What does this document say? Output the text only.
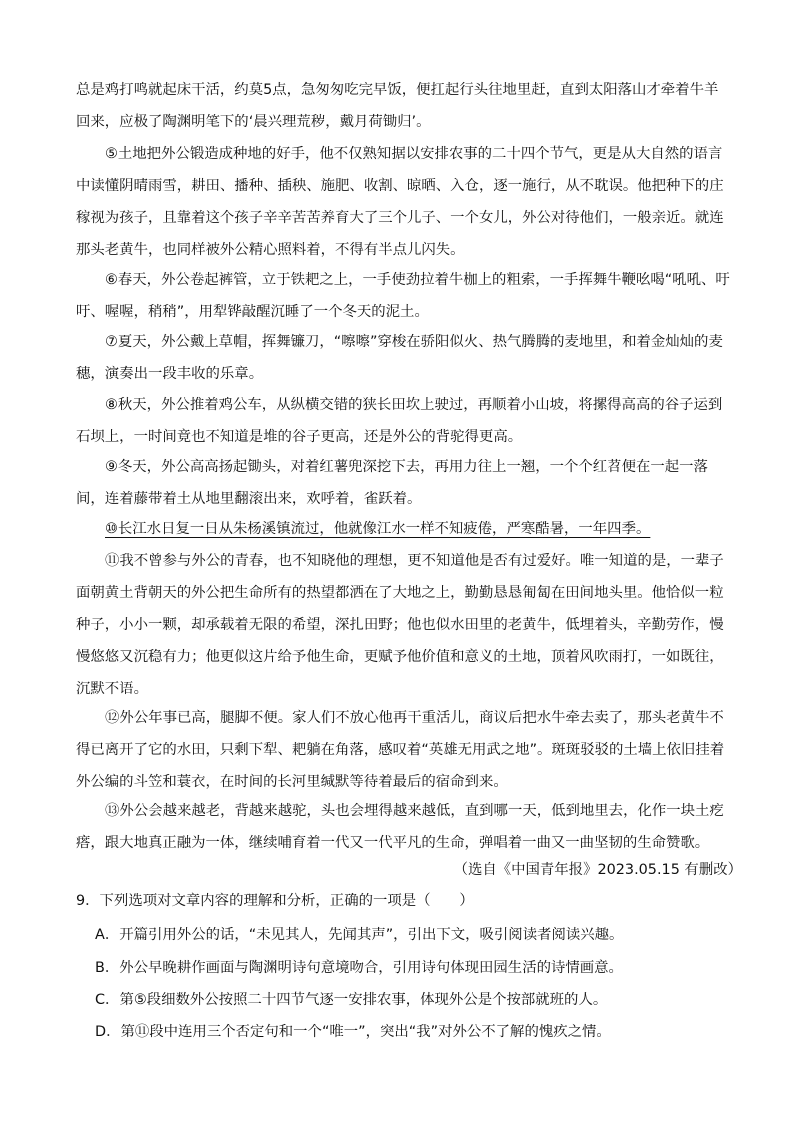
总是鸡打鸣就起床干活，约莫5点，急匆匆吃完早饭，便扛起行头往地里赶，直到太阳落山才牵着牛羊
回来，应极了陶渊明笔下的‘晨兴理荒秽，戴月荷锄归’。
⑤土地把外公锻造成种地的好手，他不仅熟知据以安排农事的二十四个节气，更是从大自然的语言
中读懂阴晴雨雪，耕田、播种、插秧、施肥、收割、晾晒、入仓，逐一施行，从不耽误。他把种下的庄
稼视为孩子，且靠着这个孩子辛辛苦苦养育大了三个儿子、一个女儿，外公对待他们，一般亲近。就连
那头老黄牛，也同样被外公精心照料着，不得有半点儿闪失。
⑥春天，外公卷起裤管，立于铁耙之上，一手使劲拉着牛枷上的粗索，一手挥舞牛鞭吆喝“吼吼、吁
吁、喔喔，稍稍”，用犁铧敲醒沉睡了一个冬天的泥土。
⑦夏天，外公戴上草帽，挥舞镰刀，“嚓嚓”穿梭在骄阳似火、热气腾腾的麦地里，和着金灿灿的麦
穗，演奏出一段丰收的乐章。
⑧秋天，外公推着鸡公车，从纵横交错的狭长田坎上驶过，再顺着小山坡，将摞得高高的谷子运到
石坝上，一时间竟也不知道是堆的谷子更高，还是外公的背驼得更高。
⑨冬天，外公高高扬起锄头，对着红薯兜深挖下去，再用力往上一翘，一个个红苕便在一起一落
间，连着藤带着土从地里翻滚出来，欢呼着，雀跃着。
⑩长江水日复一日从朱杨溪镇流过，他就像江水一样不知疲倦，严寒酷暑，一年四季。
⑪我不曾参与外公的青春，也不知晓他的理想，更不知道他是否有过爱好。唯一知道的是，一辈子
面朝黄土背朝天的外公把生命所有的热望都洒在了大地之上，勤勤恳恳匍匐在田间地头里。他恰似一粒
种子，小小一颗，却承载着无限的希望，深扎田野；他也似水田里的老黄牛，低埋着头，辛勤劳作，慢
慢悠悠又沉稳有力；他更似这片给予他生命，更赋予他价值和意义的土地，顶着风吹雨打，一如既往，
沉默不语。
⑫外公年事已高，腿脚不便。家人们不放心他再干重活儿，商议后把水牛牵去卖了，那头老黄牛不
得已离开了它的水田，只剩下犁、耙躺在角落，感叹着“英雄无用武之地”。斑斑驳驳的土墙上依旧挂着
外公编的斗笠和蓑衣，在时间的长河里缄默等待着最后的宿命到来。
⑬外公会越来越老，背越来越驼，头也会埋得越来越低，直到哪一天，低到地里去，化作一块土疙
瘩，跟大地真正融为一体，继续哺育着一代又一代平凡的生命，弹唱着一曲又一曲坚韧的生命赞歌。
（选自《中国青年报》2023.05.15 有删改）
9．下列选项对文章内容的理解和分析，正确的一项是（　　）
A．开篇引用外公的话，“未见其人，先闻其声”，引出下文，吸引阅读者阅读兴趣。
B．外公早晚耕作画面与陶渊明诗句意境吻合，引用诗句体现田园生活的诗情画意。
C．第⑤段细数外公按照二十四节气逐一安排农事，体现外公是个按部就班的人。
D．第⑪段中连用三个否定句和一个“唯一”，突出“我”对外公不了解的愧疚之情。
